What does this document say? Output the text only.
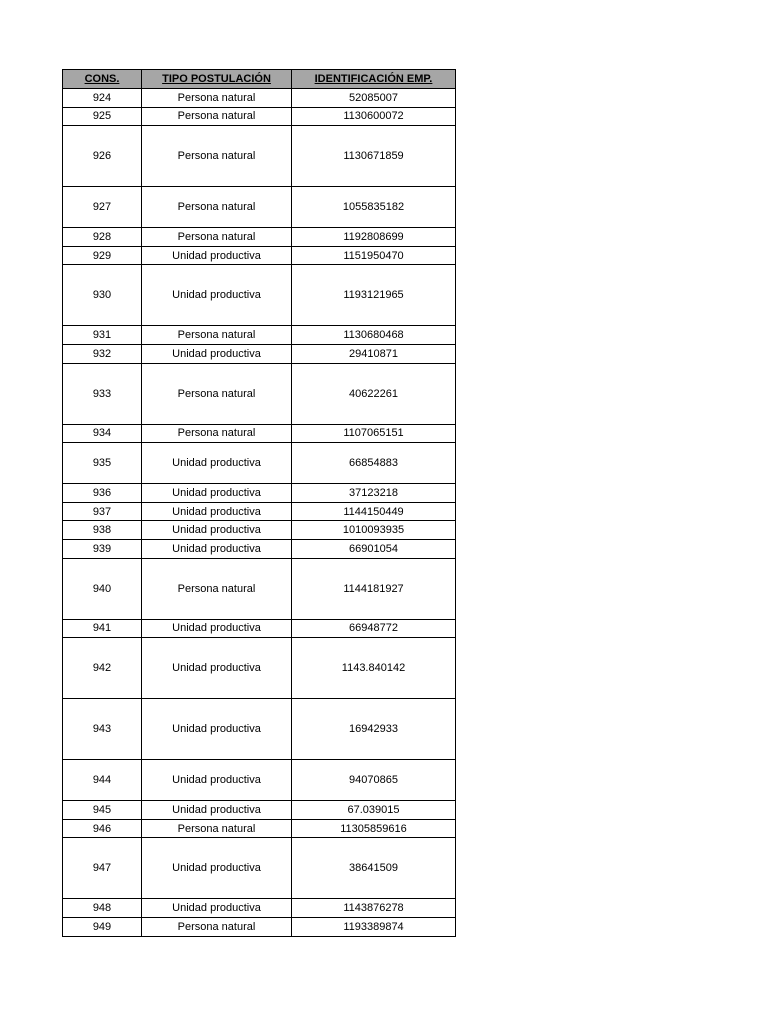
CONS.	TIPO POSTULACIÓN	IDENTIFICACIÓN EMP.
924	Persona natural	52085007
925	Persona natural	1130600072
926	Persona natural	1130671859
927	Persona natural	1055835182
928	Persona natural	1192808699
929	Unidad productiva	1151950470
930	Unidad productiva	1193121965
931	Persona natural	1130680468
932	Unidad productiva	29410871
933	Persona natural	40622261
934	Persona natural	1107065151
935	Unidad productiva	66854883
936	Unidad productiva	37123218
937	Unidad productiva	1144150449
938	Unidad productiva	1010093935
939	Unidad productiva	66901054
940	Persona natural	1144181927
941	Unidad productiva	66948772
942	Unidad productiva	1143.840142
943	Unidad productiva	16942933
944	Unidad productiva	94070865
945	Unidad productiva	67.039015
946	Persona natural	11305859616
947	Unidad productiva	38641509
948	Unidad productiva	1143876278
949	Persona natural	1193389874
